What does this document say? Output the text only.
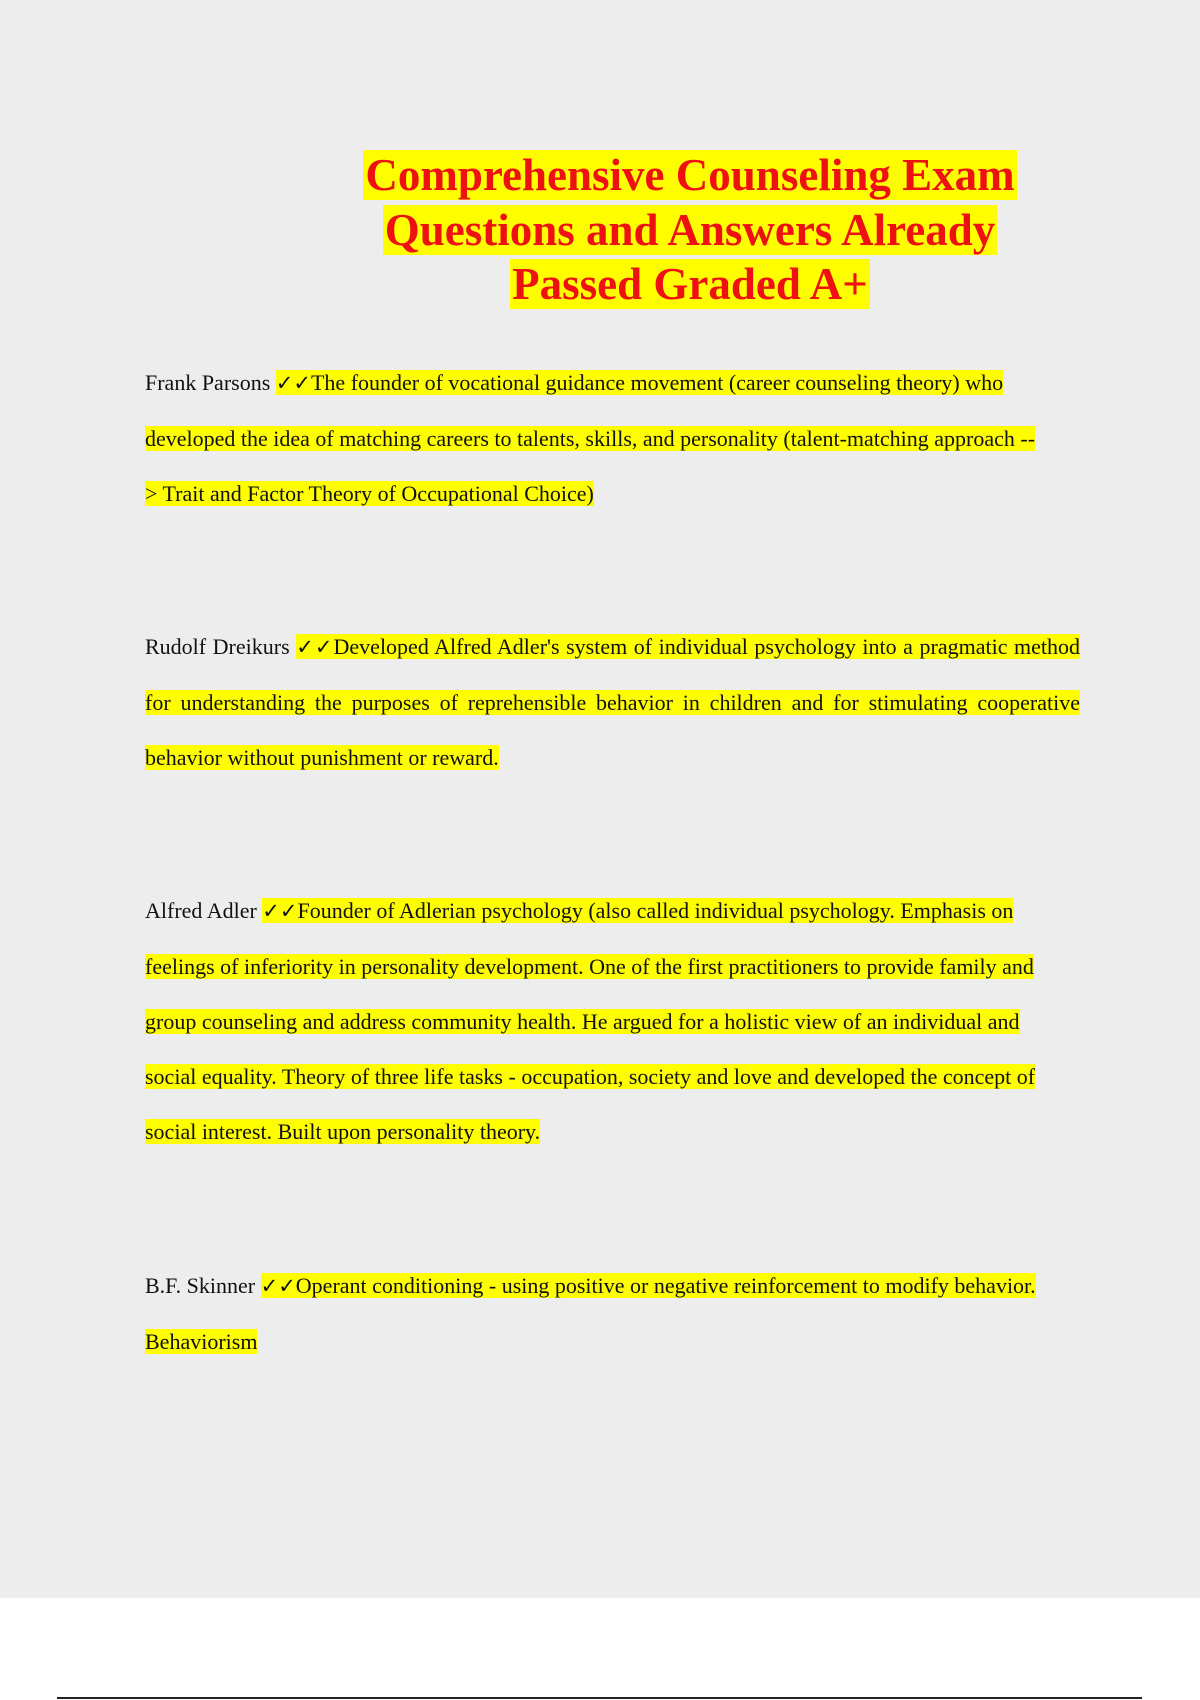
Comprehensive Counseling Exam
Questions and Answers Already
Passed Graded A+

Frank Parsons ✓✓The founder of vocational guidance movement (career counseling theory) who developed the idea of matching careers to talents, skills, and personality (talent-matching approach --> Trait and Factor Theory of Occupational Choice)

Rudolf Dreikurs ✓✓Developed Alfred Adler's system of individual psychology into a pragmatic method for understanding the purposes of reprehensible behavior in children and for stimulating cooperative behavior without punishment or reward.

Alfred Adler ✓✓Founder of Adlerian psychology (also called individual psychology. Emphasis on feelings of inferiority in personality development. One of the first practitioners to provide family and group counseling and address community health. He argued for a holistic view of an individual and social equality. Theory of three life tasks - occupation, society and love and developed the concept of social interest. Built upon personality theory.

B.F. Skinner ✓✓Operant conditioning - using positive or negative reinforcement to modify behavior. Behaviorism
